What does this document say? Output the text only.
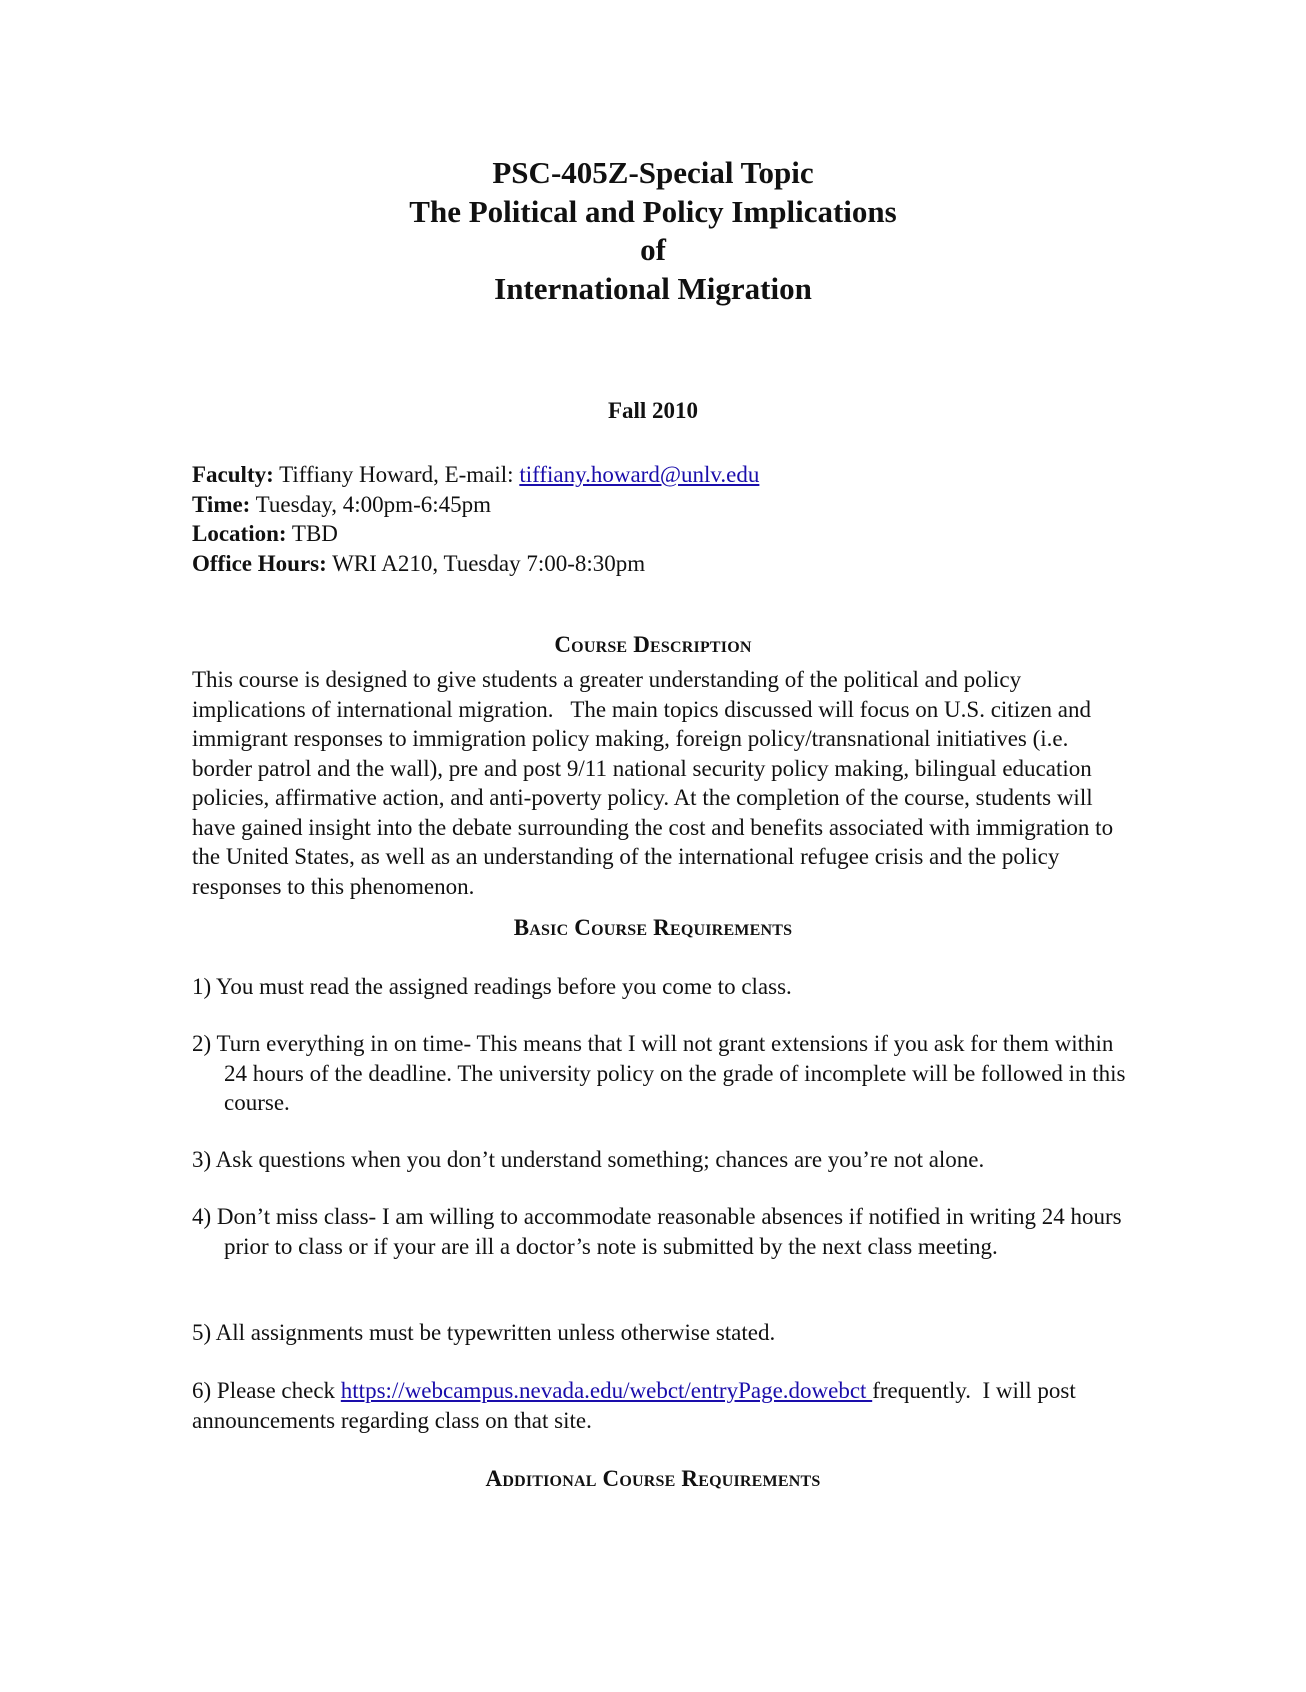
PSC-405Z-Special Topic
The Political and Policy Implications
of
International Migration
Fall 2010
Faculty: Tiffiany Howard, E-mail: tiffiany.howard@unlv.edu
Time: Tuesday, 4:00pm-6:45pm
Location: TBD
Office Hours: WRI A210, Tuesday 7:00-8:30pm
Course Description
This course is designed to give students a greater understanding of the political and policy implications of international migration.   The main topics discussed will focus on U.S. citizen and immigrant responses to immigration policy making, foreign policy/transnational initiatives (i.e. border patrol and the wall), pre and post 9/11 national security policy making, bilingual education policies, affirmative action, and anti-poverty policy. At the completion of the course, students will have gained insight into the debate surrounding the cost and benefits associated with immigration to the United States, as well as an understanding of the international refugee crisis and the policy responses to this phenomenon.
Basic Course Requirements
1) You must read the assigned readings before you come to class.
2) Turn everything in on time- This means that I will not grant extensions if you ask for them within 24 hours of the deadline. The university policy on the grade of incomplete will be followed in this course.
3) Ask questions when you don’t understand something; chances are you’re not alone.
4) Don’t miss class- I am willing to accommodate reasonable absences if notified in writing 24 hours prior to class or if your are ill a doctor’s note is submitted by the next class meeting.
5) All assignments must be typewritten unless otherwise stated.
6) Please check https://webcampus.nevada.edu/webct/entryPage.dowebct frequently.  I will post announcements regarding class on that site.
Additional Course Requirements
